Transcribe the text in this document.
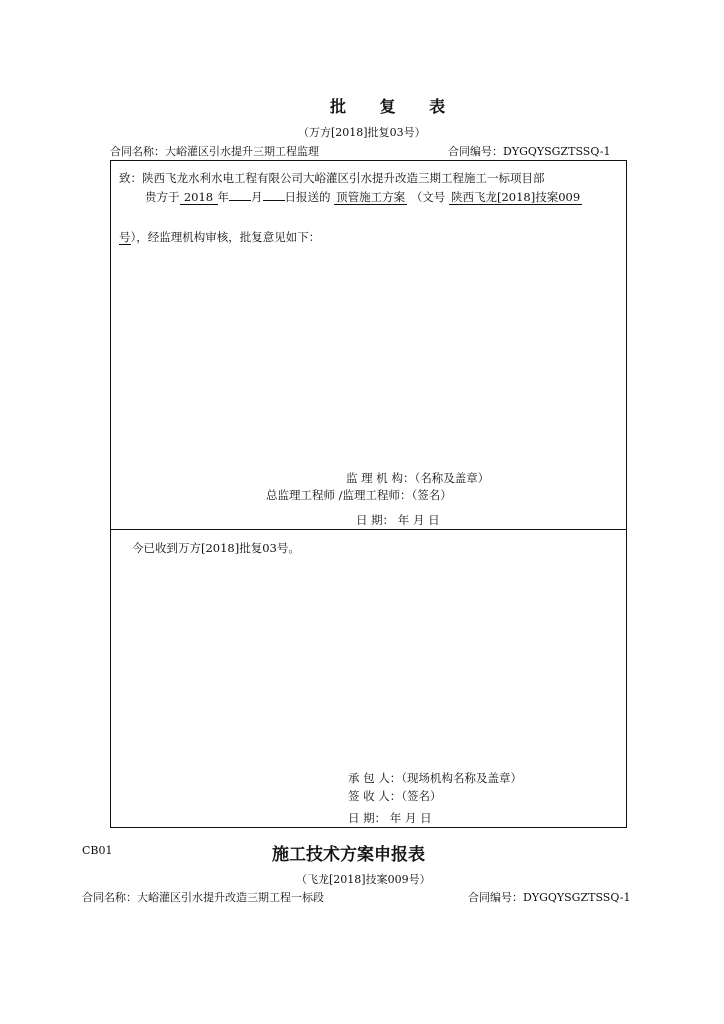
批 复 表
（万方[2018]批复03号）
合同名称：大峪灌区引水提升三期工程监理	合同编号：DYGQYSGZTSSQ-1
致：陕西飞龙水利水电工程有限公司大峪灌区引水提升改造三期工程施工一标项目部
贵方于 2018 年 月 日报送的 顶管施工方案 （文号 陕西飞龙[2018]技案009
号），经监理机构审核，批复意见如下：
监 理 机 构：（名称及盖章）
总监理工程师 /监理工程师：（签名）
日 期： 年 月 日
今已收到万方[2018]批复03号。
承 包 人：（现场机构名称及盖章）
签 收 人：（签名）
日 期： 年 月 日
CB01	施工技术方案申报表
（飞龙[2018]技案009号）
合同名称：大峪灌区引水提升改造三期工程一标段	合同编号：DYGQYSGZTSSQ-1
